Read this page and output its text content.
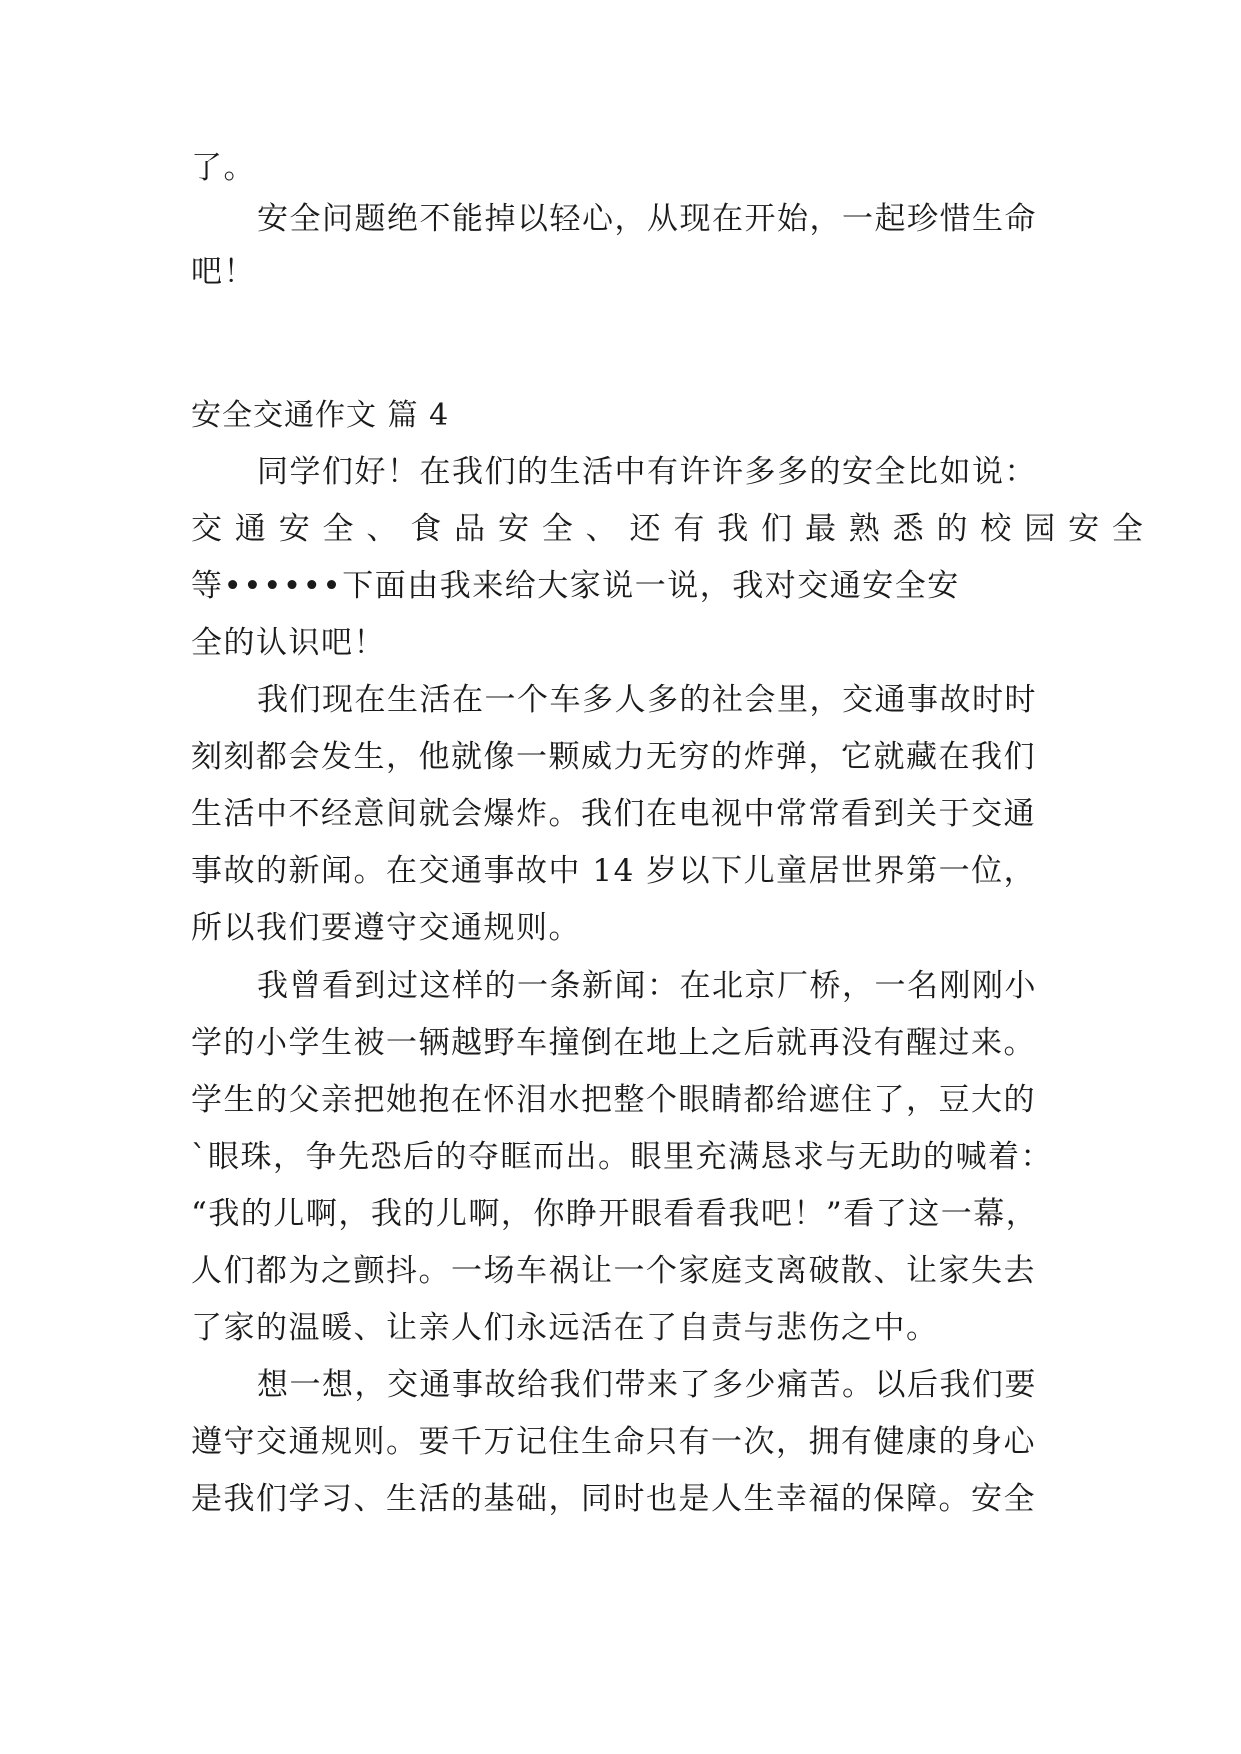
了。
安全问题绝不能掉以轻心，从现在开始，一起珍惜生命
吧！
安全交通作文 篇 4
同学们好！在我们的生活中有许许多多的安全比如说：
交 通 安 全 、 食 品 安 全 、 还 有 我 们 最 熟 悉 的 校 园 安 全
等••••••下面由我来给大家说一说，我对交通安全安
全的认识吧！
我们现在生活在一个车多人多的社会里，交通事故时时
刻刻都会发生，他就像一颗威力无穷的炸弹，它就藏在我们
生活中不经意间就会爆炸。我们在电视中常常看到关于交通
事故的新闻。在交通事故中 14 岁以下儿童居世界第一位，
所以我们要遵守交通规则。
我曾看到过这样的一条新闻：在北京厂桥，一名刚刚小
学的小学生被一辆越野车撞倒在地上之后就再没有醒过来。
学生的父亲把她抱在怀泪水把整个眼睛都给遮住了，豆大的
`眼珠，争先恐后的夺眶而出。眼里充满恳求与无助的喊着：
“我的儿啊，我的儿啊，你睁开眼看看我吧！”看了这一幕，
人们都为之颤抖。一场车祸让一个家庭支离破散、让家失去
了家的温暖、让亲人们永远活在了自责与悲伤之中。
想一想，交通事故给我们带来了多少痛苦。以后我们要
遵守交通规则。要千万记住生命只有一次，拥有健康的身心
是我们学习、生活的基础，同时也是人生幸福的保障。安全
